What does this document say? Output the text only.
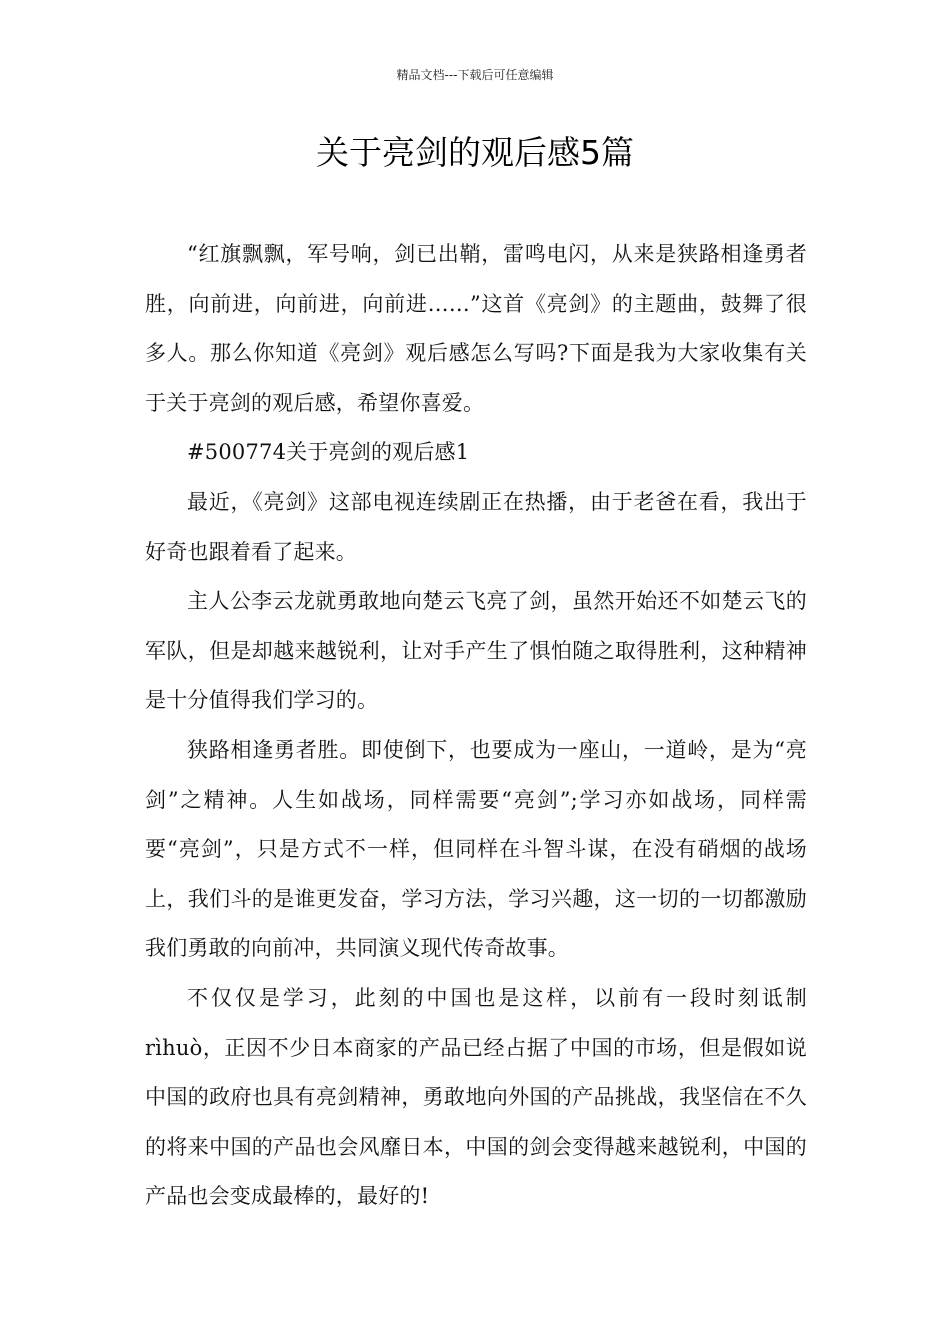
精品文档---下载后可任意编辑
关于亮剑的观后感5篇

“红旗飘飘，军号响，剑已出鞘，雷鸣电闪，从来是狭路相逢勇者胜，向前进，向前进，向前进……”这首《亮剑》的主题曲，鼓舞了很多人。那么你知道《亮剑》观后感怎么写吗?下面是我为大家收集有关于关于亮剑的观后感，希望你喜爱。

#500774关于亮剑的观后感1

最近，《亮剑》这部电视连续剧正在热播，由于老爸在看，我出于好奇也跟着看了起来。

主人公李云龙就勇敢地向楚云飞亮了剑，虽然开始还不如楚云飞的军队，但是却越来越锐利，让对手产生了惧怕随之取得胜利，这种精神是十分值得我们学习的。

狭路相逢勇者胜。即使倒下，也要成为一座山，一道岭，是为“亮剑”之精神。人生如战场，同样需要“亮剑”;学习亦如战场，同样需要“亮剑”，只是方式不一样，但同样在斗智斗谋，在没有硝烟的战场上，我们斗的是谁更发奋，学习方法，学习兴趣，这一切的一切都激励我们勇敢的向前冲，共同演义现代传奇故事。

不仅仅是学习，此刻的中国也是这样，以前有一段时刻诋制rìhuò，正因不少日本商家的产品已经占据了中国的市场，但是假如说中国的政府也具有亮剑精神，勇敢地向外国的产品挑战，我坚信在不久的将来中国的产品也会风靡日本，中国的剑会变得越来越锐利，中国的产品也会变成最棒的，最好的!
